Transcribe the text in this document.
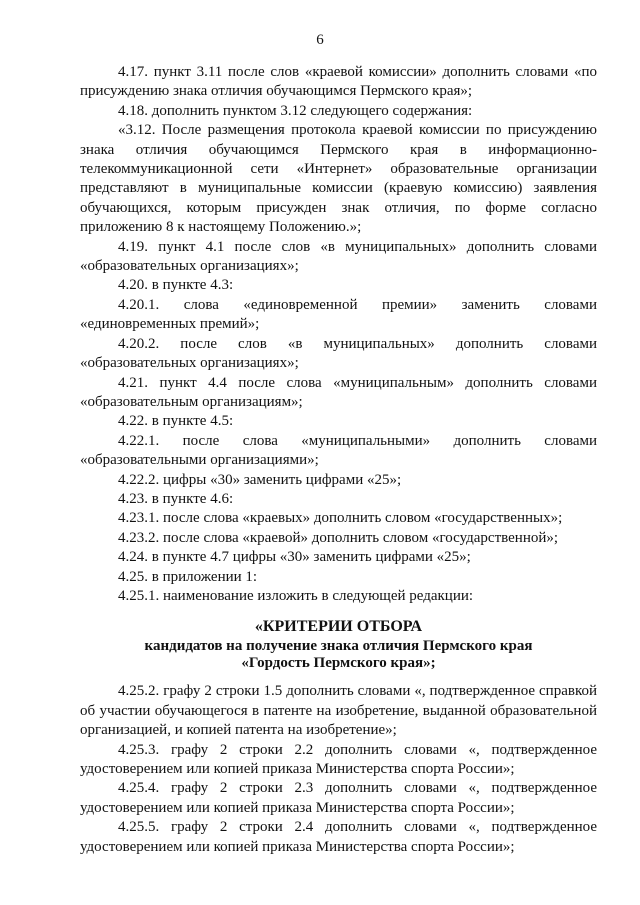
6

4.17. пункт 3.11 после слов «краевой комиссии» дополнить словами «по присуждению знака отличия обучающимся Пермского края»;

4.18. дополнить пунктом 3.12 следующего содержания:

«3.12. После размещения протокола краевой комиссии по присуждению знака отличия обучающимся Пермского края в информационно-телекоммуникационной сети «Интернет» образовательные организации представляют в муниципальные комиссии (краевую комиссию) заявления обучающихся, которым присужден знак отличия, по форме согласно приложению 8 к настоящему Положению.»;

4.19. пункт 4.1 после слов «в муниципальных» дополнить словами «образовательных организациях»;

4.20. в пункте 4.3:

4.20.1. слова «единовременной премии» заменить словами «единовременных премий»;

4.20.2. после слов «в муниципальных» дополнить словами «образовательных организациях»;

4.21. пункт 4.4 после слова «муниципальным» дополнить словами «образовательным организациям»;

4.22. в пункте 4.5:

4.22.1. после слова «муниципальными» дополнить словами «образовательными организациями»;

4.22.2. цифры «30» заменить цифрами «25»;

4.23. в пункте 4.6:

4.23.1. после слова «краевых» дополнить словом «государственных»;

4.23.2. после слова «краевой» дополнить словом «государственной»;

4.24. в пункте 4.7 цифры «30» заменить цифрами «25»;

4.25. в приложении 1:

4.25.1. наименование изложить в следующей редакции:

«КРИТЕРИИ ОТБОРА

кандидатов на получение знака отличия Пермского края

«Гордость Пермского края»;

4.25.2. графу 2 строки 1.5 дополнить словами «, подтвержденное справкой об участии обучающегося в патенте на изобретение, выданной образовательной организацией, и копией патента на изобретение»;

4.25.3. графу 2 строки 2.2 дополнить словами «, подтвержденное удостоверением или копией приказа Министерства спорта России»;

4.25.4. графу 2 строки 2.3 дополнить словами «, подтвержденное удостоверением или копией приказа Министерства спорта России»;

4.25.5. графу 2 строки 2.4 дополнить словами «, подтвержденное удостоверением или копией приказа Министерства спорта России»;
